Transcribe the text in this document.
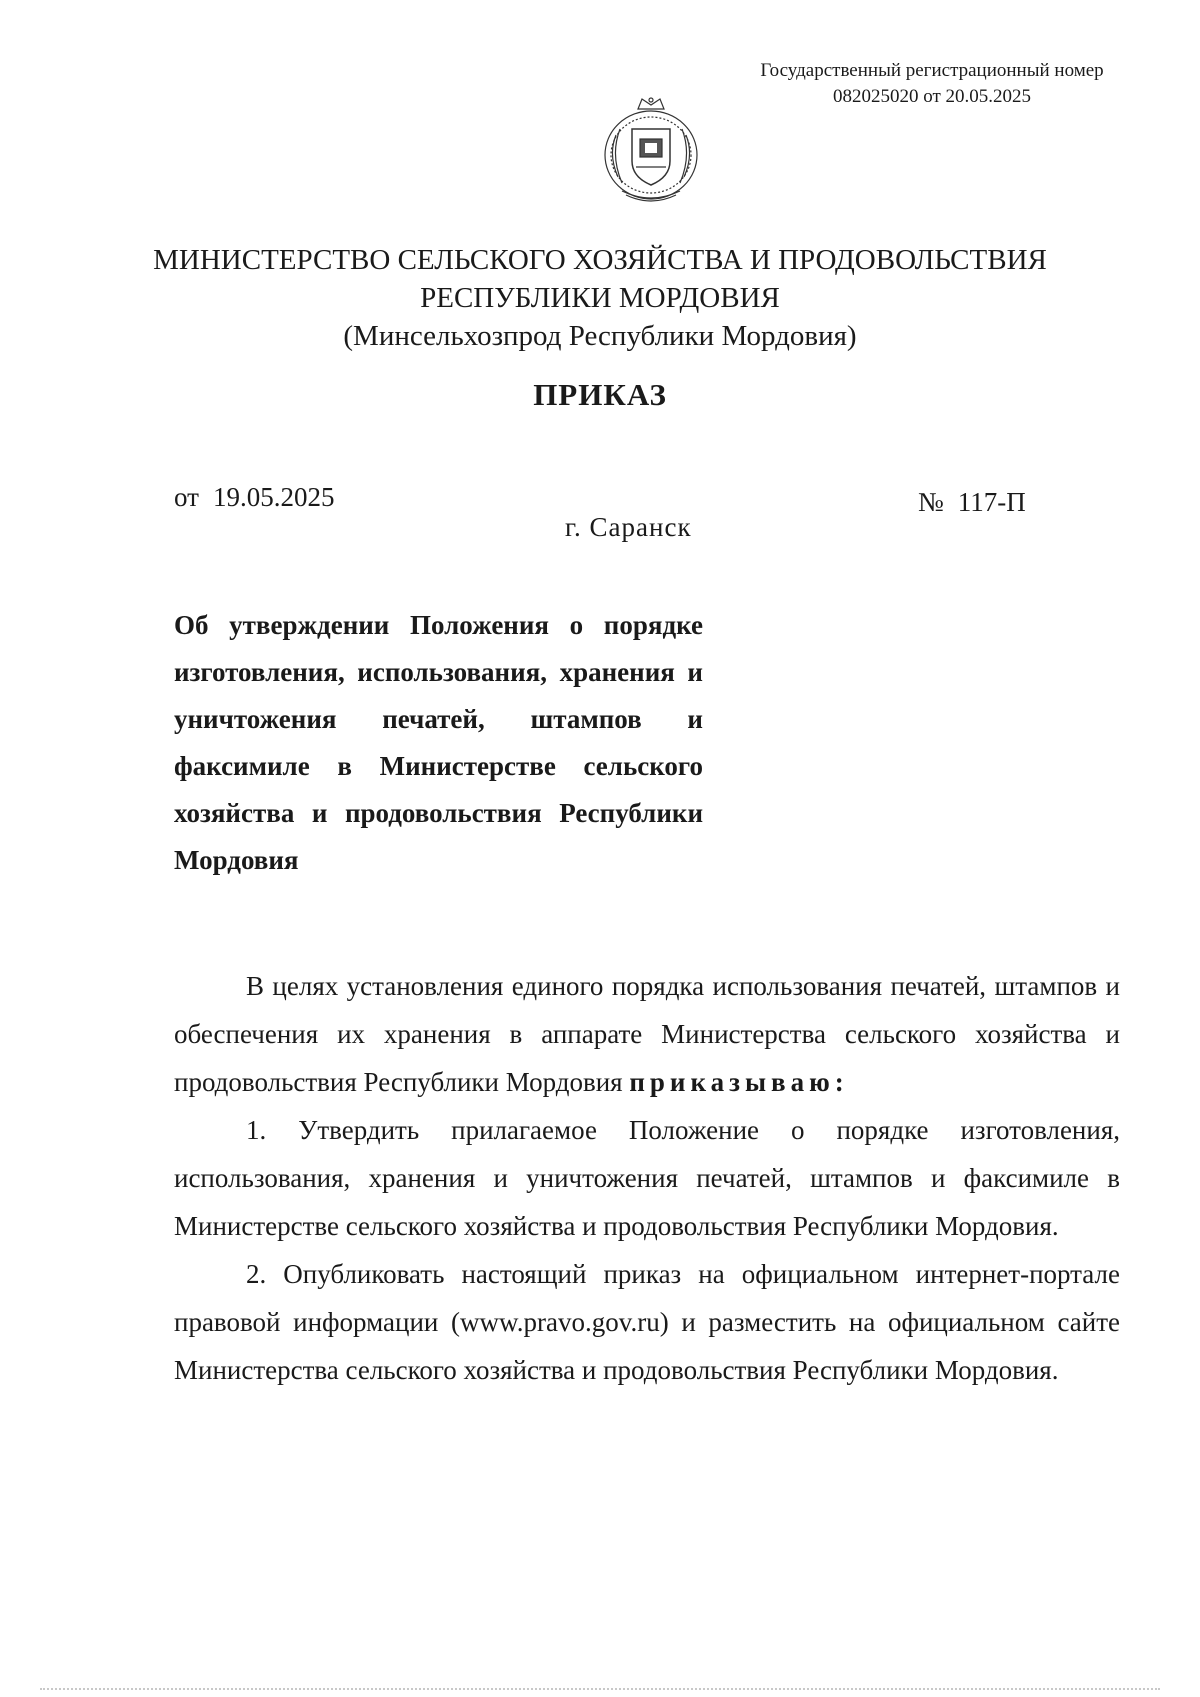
Государственный регистрационный номер
082025020 от 20.05.2025
МИНИСТЕРСТВО СЕЛЬСКОГО ХОЗЯЙСТВА И ПРОДОВОЛЬСТВИЯ
РЕСПУБЛИКИ МОРДОВИЯ
(Минсельхозпрод Республики Мордовия)
ПРИКАЗ
от 19.05.2025	№ 117-П
г. Саранск
Об утверждении Положения о порядке изготовления, использования, хранения и уничтожения печатей, штампов и факсимиле в Министерстве сельского хозяйства и продовольствия Республики Мордовия

В целях установления единого порядка использования печатей, штампов и обеспечения их хранения в аппарате Министерства сельского хозяйства и продовольствия Республики Мордовия приказываю:

1. Утвердить прилагаемое Положение о порядке изготовления, использования, хранения и уничтожения печатей, штампов и факсимиле в Министерстве сельского хозяйства и продовольствия Республики Мордовия.

2. Опубликовать настоящий приказ на официальном интернет-портале правовой информации (www.pravo.gov.ru) и разместить на официальном сайте Министерства сельского хозяйства и продовольствия Республики Мордовия.
